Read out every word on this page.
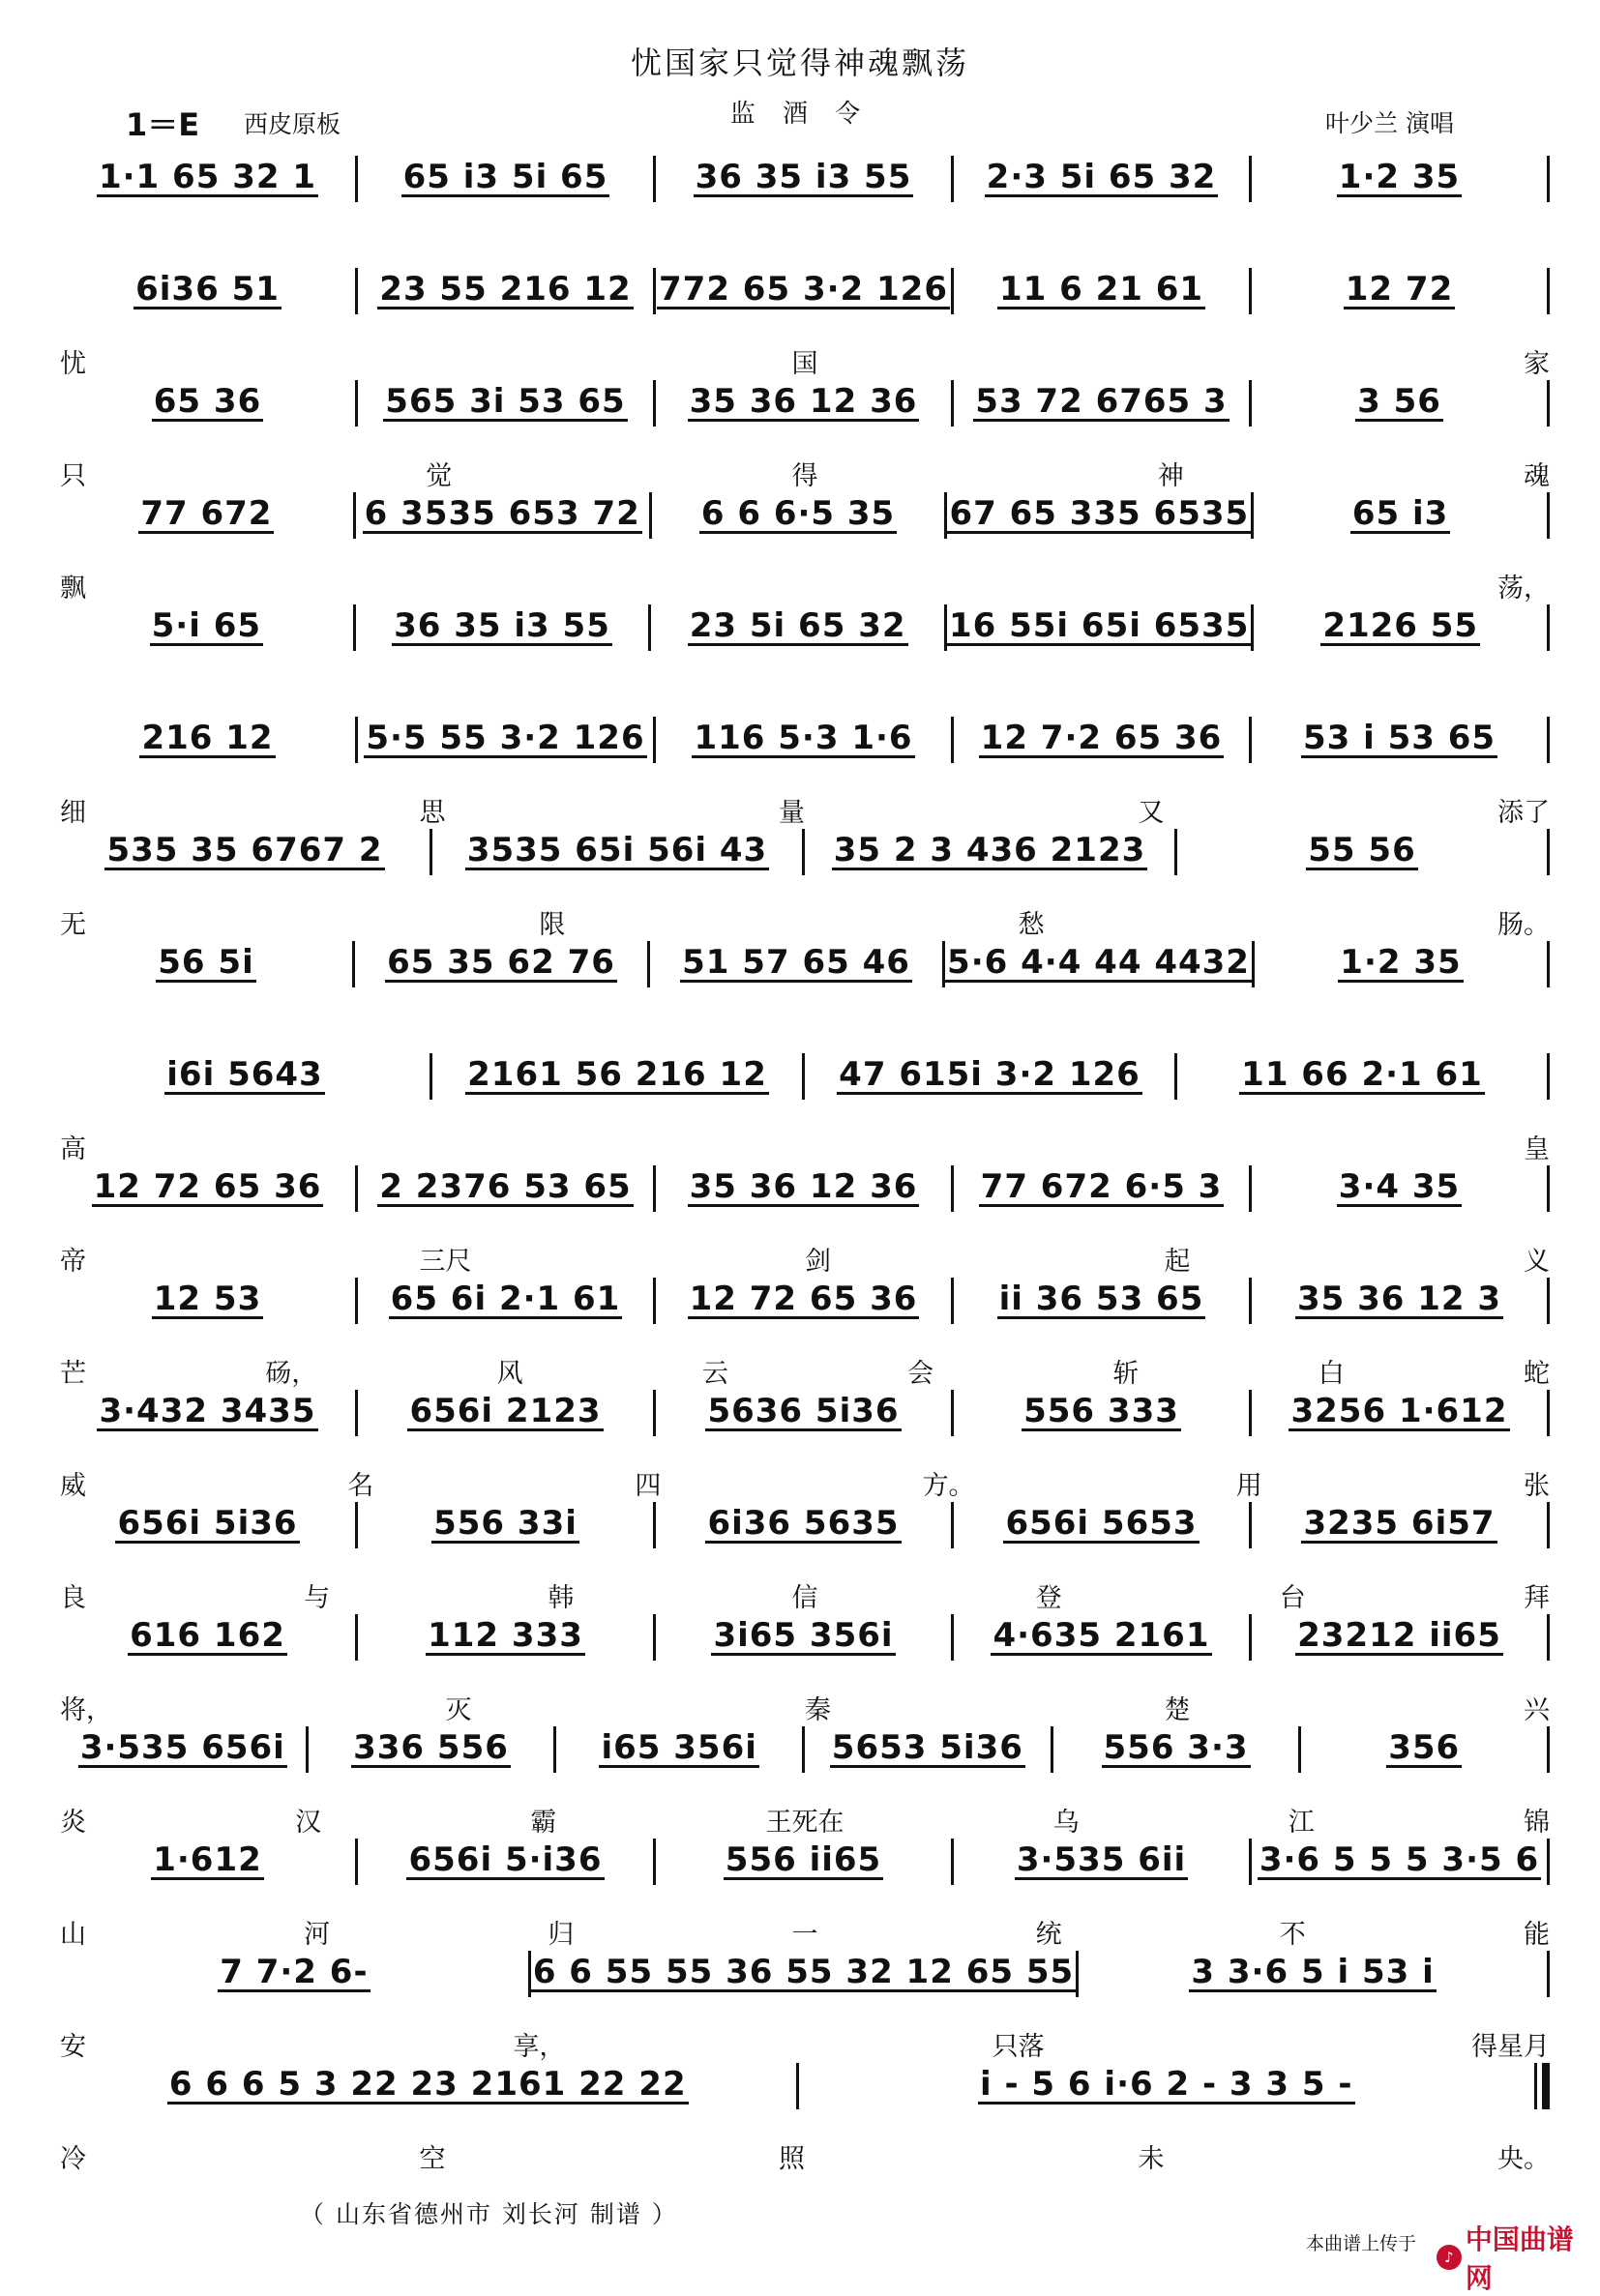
忧国家只觉得神魂飘荡
1＝E 西皮原板	监 酒 令	叶少兰 演唱
1·1 65 32 1	65 i3 5i 65	36 35 i3 55 2·3 5i 65 32	1·2 35
6i36 51	23 55 216 12 772 65 3·2 126 11 6 21 61	12 72
忧	国	家
65 36	565 3i 53 65 35 36 12 36 53 72 6765 3	3 56
只	觉	得	神	魂
77 672	6 3535 653 72 6 6 6·5 35 67 65 335 6535	65 i3
飘	荡，
5·i 65	36 35 i3 55 23 5i 65 32 16 55i 65i 6535 2126 55
216 12	5·5 55 3·2 126 116 5·3 1·6 12 7·2 65 36 53 i 53 65
细	思	量	又	添了
535 35 6767 2	3535 65i 56i 43 35 2 3 436 2123	55 56
无	限	愁	肠。
56 5i	65 35 62 76 51 57 65 46 5·6 4·4 44 4432	1·2 35
i6i 5643	2161 56 216 12 47 615i 3·2 126	11 66 2·1 61
高	皇
12 72 65 36 2 2376 53 65 35 36 12 36 77 672 6·5 3	3·4 35
帝	三尺	剑	起	义
12 53	65 6i 2·1 61 12 72 65 36 ii 36 53 65	35 36 12 3
芒	砀，	风	云	会	斩	白	蛇
3·432 3435	656i 2123	5636 5i36	556 333	3256 1·612
威	名	四	方。	用	张
656i 5i36	556 33i	6i36 5635	656i 5653	3235 6i57
良	与	韩	信	登	台	拜
616 162	112 333	3i65 356i	4·635 2161	23212 ii65
将，	灭	秦	楚	兴
3·535 656i 336 556	i65 356i 5653 5i36 556 3·3	356
炎	汉	霸	王死在	乌	江	锦
1·612	656i 5·i36	556 ii65	3·535 6ii 3·6 5 5 5 3·5 6
山	河	归	一	统	不	能
7 7·2 6-	6 6 55 55 36 55 32 12 65 55	3 3·6 5 i 53 i
安	享，	只落	得星月
6 6 6 5 3 22 23 2161 22 22	i - 5 6 i·6 2 - 3 3 5 -
冷	空	照	未	央。
（ 山东省德州市 刘长河 制谱 ）
本曲谱上传于
♪
中国曲谱网
